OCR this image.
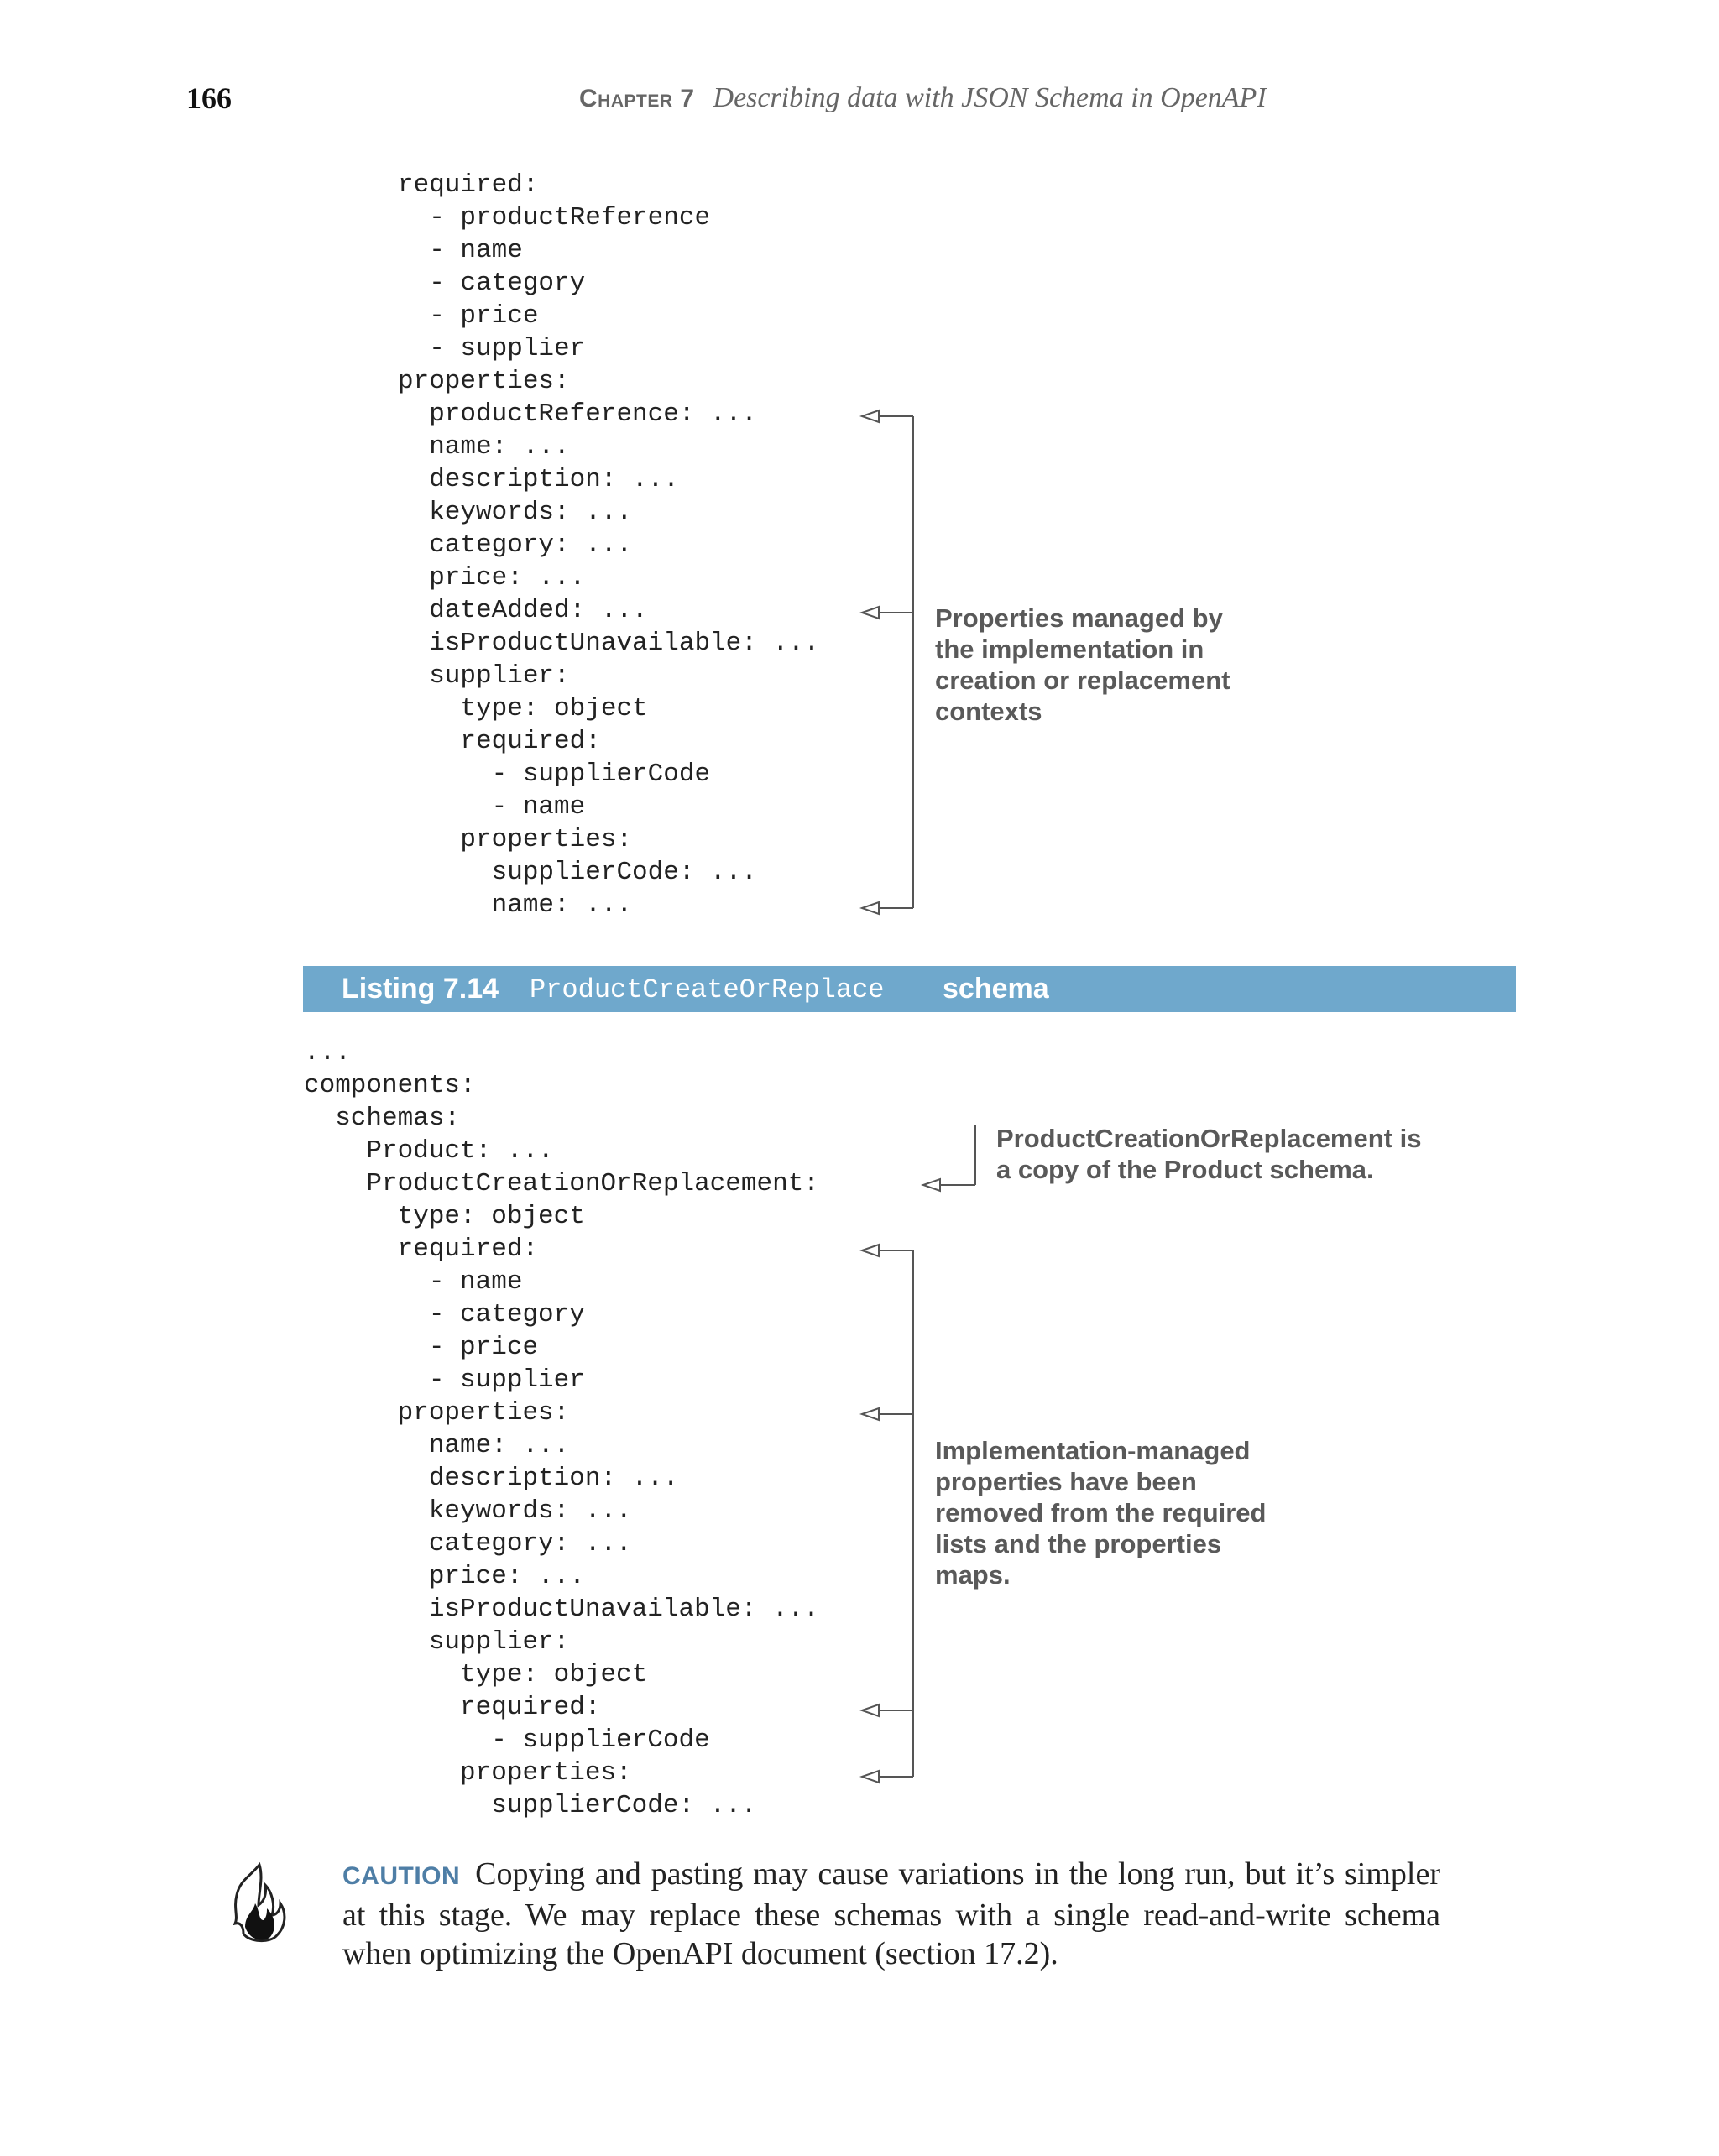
166	Chapter 7 Describing data with JSON Schema in OpenAPI
required:
- productReference
- name
- category
- price
- supplier
properties:
productReference: ...
name: ...
description: ...
keywords: ...
category: ...
price: ...
dateAdded: ...
isProductUnavailable: ...
supplier:
type: object
required:
- supplierCode
- name
properties:
supplierCode: ...
name: ...
Properties managed by the implementation in creation or replacement contexts
Listing 7.14 ProductCreateOrReplace schema
...
components:
schemas:
Product: ...
ProductCreationOrReplacement:
type: object
required:
- name
- category
- price
- supplier
properties:
name: ...
description: ...
keywords: ...
category: ...
price: ...
isProductUnavailable: ...
supplier:
type: object
required:
- supplierCode
properties:
supplierCode: ...
ProductCreationOrReplacement is a copy of the Product schema.
Implementation-managed properties have been removed from the required lists and the properties maps.
CAUTION Copying and pasting may cause variations in the long run, but it’s simpler at this stage. We may replace these schemas with a single read-and-write schema when optimizing the OpenAPI document (section 17.2).
